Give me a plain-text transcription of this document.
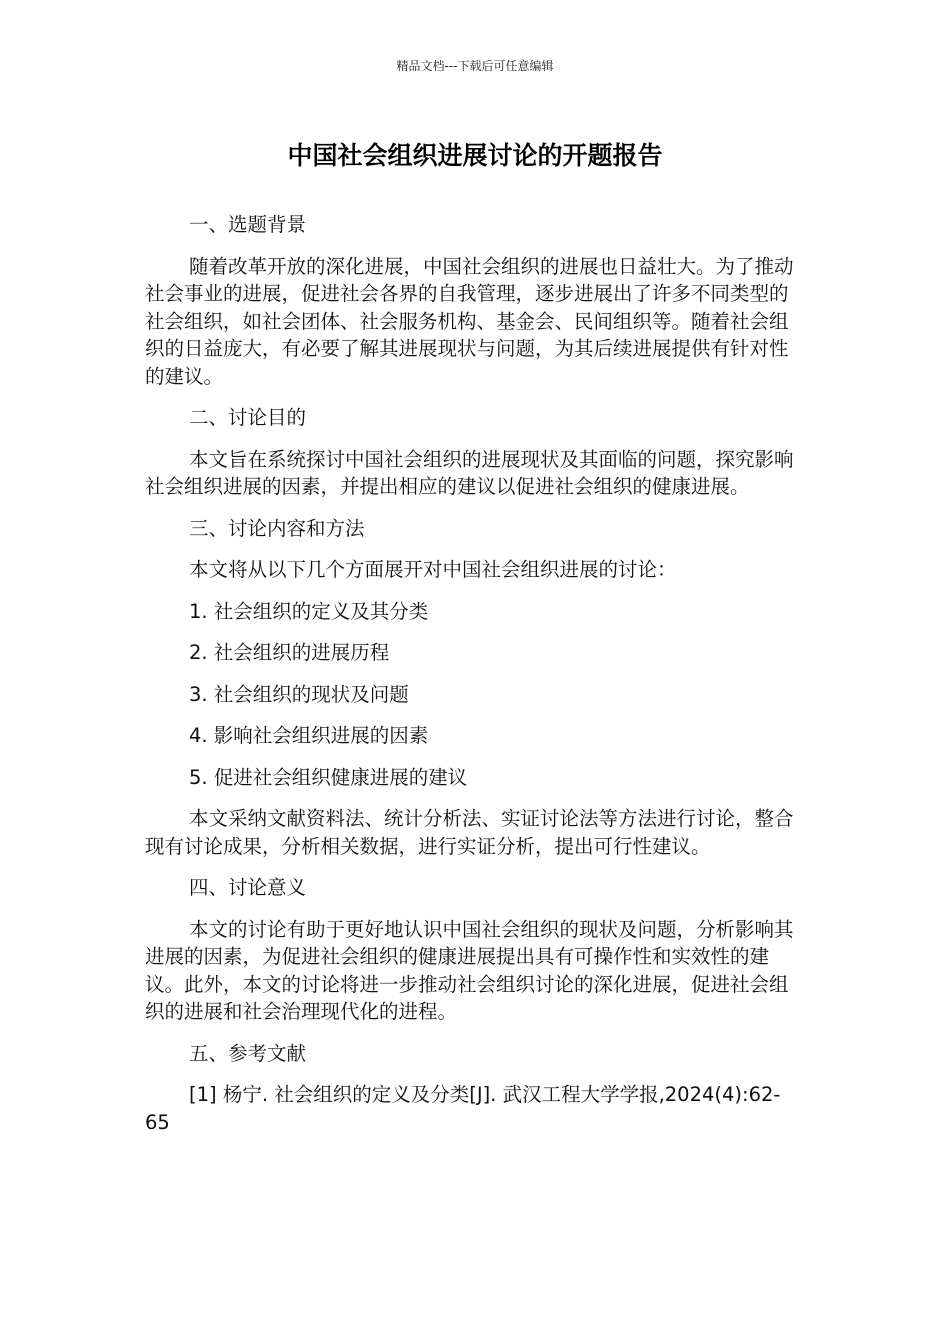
精品文档---下载后可任意编辑
中国社会组织进展讨论的开题报告

一、选题背景

随着改革开放的深化进展，中国社会组织的进展也日益壮大。为了推动社会事业的进展，促进社会各界的自我管理，逐步进展出了许多不同类型的社会组织，如社会团体、社会服务机构、基金会、民间组织等。随着社会组织的日益庞大，有必要了解其进展现状与问题，为其后续进展提供有针对性的建议。

二、讨论目的

本文旨在系统探讨中国社会组织的进展现状及其面临的问题，探究影响社会组织进展的因素，并提出相应的建议以促进社会组织的健康进展。

三、讨论内容和方法

本文将从以下几个方面展开对中国社会组织进展的讨论：

1. 社会组织的定义及其分类

2. 社会组织的进展历程

3. 社会组织的现状及问题

4. 影响社会组织进展的因素

5. 促进社会组织健康进展的建议

本文采纳文献资料法、统计分析法、实证讨论法等方法进行讨论，整合现有讨论成果，分析相关数据，进行实证分析，提出可行性建议。

四、讨论意义

本文的讨论有助于更好地认识中国社会组织的现状及问题，分析影响其进展的因素，为促进社会组织的健康进展提出具有可操作性和实效性的建议。此外，本文的讨论将进一步推动社会组织讨论的深化进展，促进社会组织的进展和社会治理现代化的进程。

五、参考文献

[1] 杨宁. 社会组织的定义及分类[J]. 武汉工程大学学报,2024(4):62-65
